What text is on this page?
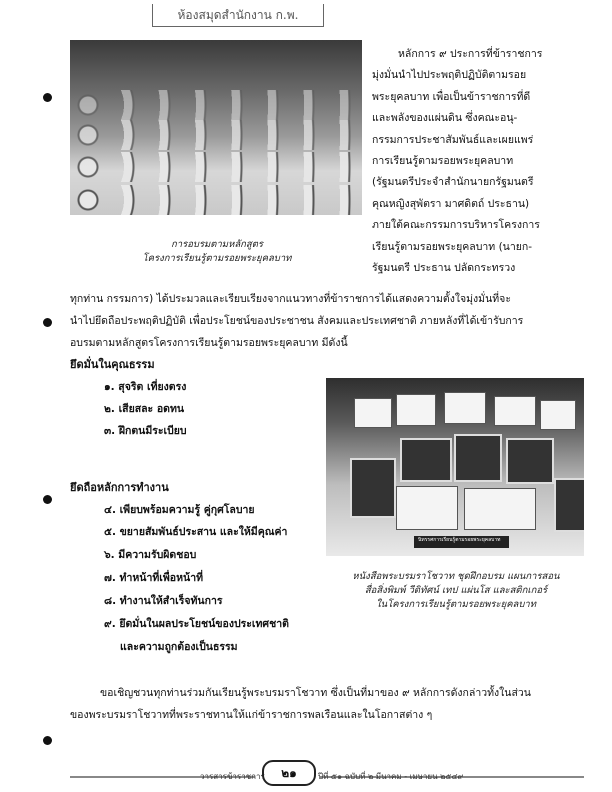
ห้องสมุดสำนักงาน ก.พ.
การอบรมตามหลักสูตร
โครงการเรียนรู้ตามรอยพระยุคลบาท
หลักการ ๙ ประการที่ข้าราชการ
มุ่งมั่นนำไปประพฤติปฏิบัติตามรอย
พระยุคลบาท เพื่อเป็นข้าราชการที่ดี
และพลังของแผ่นดิน ซึ่งคณะอนุ-
กรรมการประชาสัมพันธ์และเผยแพร่
การเรียนรู้ตามรอยพระยุคลบาท
(รัฐมนตรีประจำสำนักนายกรัฐมนตรี
คุณหญิงสุพัตรา มาศดิตถ์ ประธาน)
ภายใต้คณะกรรมการบริหารโครงการ
เรียนรู้ตามรอยพระยุคลบาท (นายก-
รัฐมนตรี ประธาน ปลัดกระทรวง
ทุกท่าน กรรมการ) ได้ประมวลและเรียบเรียงจากแนวทางที่ข้าราชการได้แสดงความตั้งใจมุ่งมั่นที่จะ
นำไปยึดถือประพฤติปฏิบัติ เพื่อประโยชน์ของประชาชน สังคมและประเทศชาติ ภายหลังที่ได้เข้ารับการ
อบรมตามหลักสูตรโครงการเรียนรู้ตามรอยพระยุคลบาท มีดังนี้
ยึดมั่นในคุณธรรม
๑. สุจริต เที่ยงตรง
๒. เสียสละ อดทน
๓. ฝึกตนมีระเบียบ
ยึดถือหลักการทำงาน
๔. เพียบพร้อมความรู้ คู่กุศโลบาย
๕. ขยายสัมพันธ์ประสาน และให้มีคุณค่า
๖. มีความรับผิดชอบ
๗. ทำหน้าที่เพื่อหน้าที่
๘. ทำงานให้สำเร็จทันการ
๙. ยึดมั่นในผลประโยชน์ของประเทศชาติ
และความถูกต้องเป็นธรรม
หนังสือพระบรมราโชวาท ชุดฝึกอบรม แผนการสอน
สื่อสิ่งพิมพ์ วีดิทัศน์ เทป แผ่นโส และสติกเกอร์
ในโครงการเรียนรู้ตามรอยพระยุคลบาท
นิทรรศการเรียนรู้ตามรอยพระยุคลบาท
ขอเชิญชวนทุกท่านร่วมกันเรียนรู้พระบรมราโชวาท ซึ่งเป็นที่มาของ ๙ หลักการดังกล่าวทั้งในส่วน
ของพระบรมราโชวาทที่พระราชทานให้แก่ข้าราชการพลเรือนและในโอกาสต่าง ๆ
วารสารข้าราชการ	๒๑	ปีที่ ๕๑ ฉบับที่ ๒ มีนาคม - เมษายน ๒๕๔๙
